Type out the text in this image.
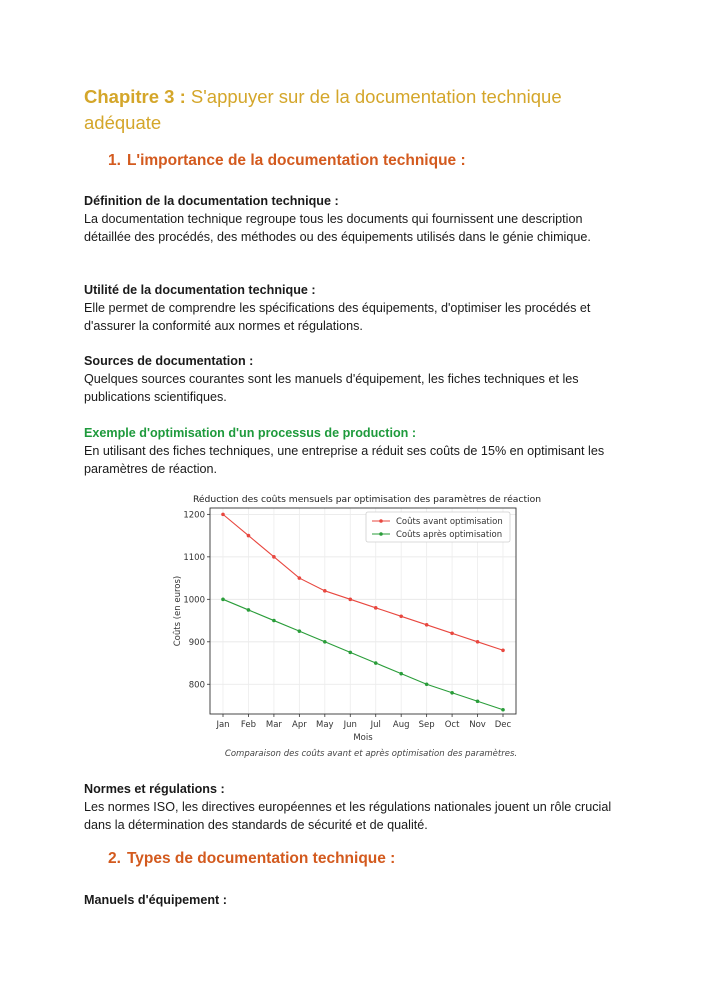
Chapitre 3 : S'appuyer sur de la documentation technique adéquate
1. L'importance de la documentation technique :
Définition de la documentation technique :
La documentation technique regroupe tous les documents qui fournissent une description détaillée des procédés, des méthodes ou des équipements utilisés dans le génie chimique.
Utilité de la documentation technique :
Elle permet de comprendre les spécifications des équipements, d'optimiser les procédés et d'assurer la conformité aux normes et régulations.
Sources de documentation :
Quelques sources courantes sont les manuels d'équipement, les fiches techniques et les publications scientifiques.
Exemple d'optimisation d'un processus de production :
En utilisant des fiches techniques, une entreprise a réduit ses coûts de 15% en optimisant les paramètres de réaction.
Réduction des coûts mensuels par optimisation des paramètres de réaction
800
900
1000
1100
1200
Jan Feb Mar Apr May Jun Jul Aug Sep Oct Nov Dec
Mois
Coûts (en euros)
Coûts avant optimisation
Coûts après optimisation
Comparaison des coûts avant et après optimisation des paramètres.
Normes et régulations :
Les normes ISO, les directives européennes et les régulations nationales jouent un rôle crucial dans la détermination des standards de sécurité et de qualité.
2. Types de documentation technique :
Manuels d'équipement :
